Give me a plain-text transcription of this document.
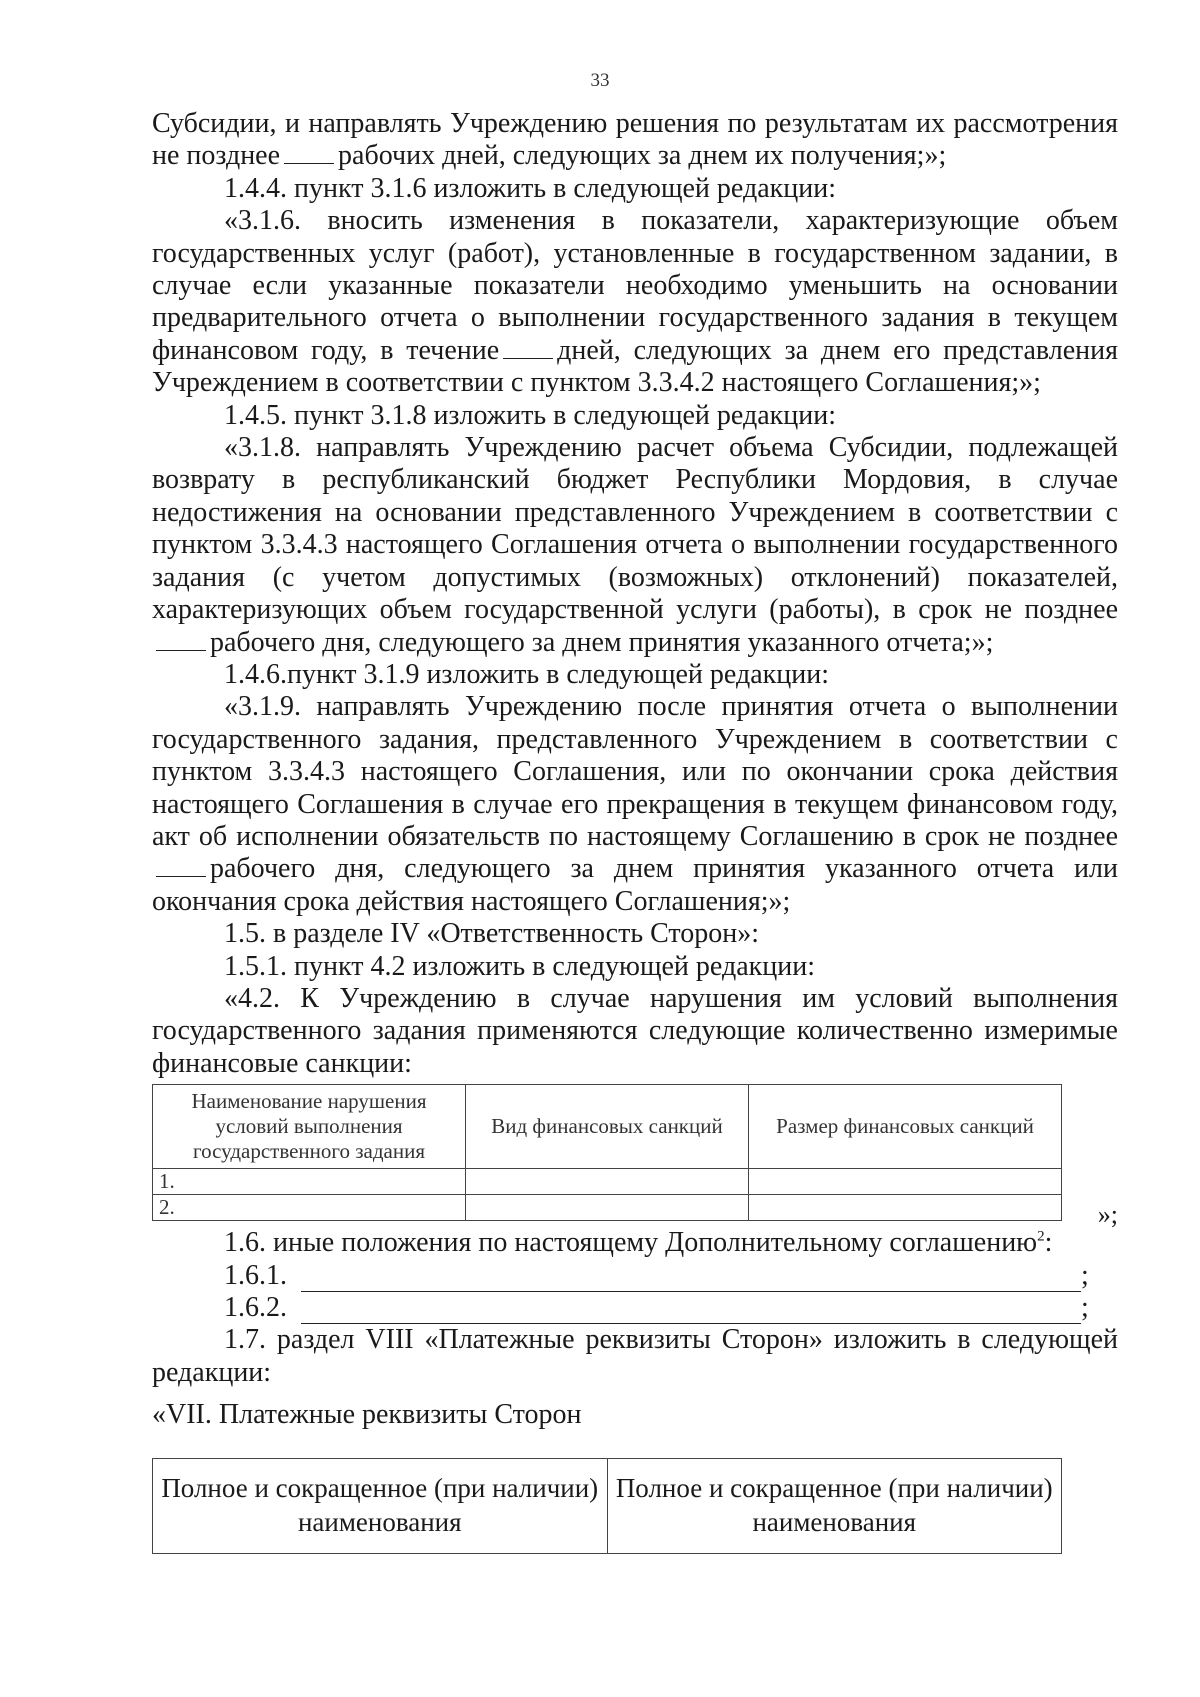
33

Субсидии, и направлять Учреждению решения по результатам их рассмотрения не позднее рабочих дней, следующих за днем их получения;»;

1.4.4. пункт 3.1.6 изложить в следующей редакции:

«3.1.6. вносить изменения в показатели, характеризующие объем государственных услуг (работ), установленные в государственном задании, в случае если указанные показатели необходимо уменьшить на основании предварительного отчета о выполнении государственного задания в текущем финансовом году, в течение дней, следующих за днем его представления Учреждением в соответствии с пунктом 3.3.4.2 настоящего Соглашения;»;

1.4.5. пункт 3.1.8 изложить в следующей редакции:

«3.1.8. направлять Учреждению расчет объема Субсидии, подлежащей возврату в республиканский бюджет Республики Мордовия, в случае недостижения на основании представленного Учреждением в соответствии с пунктом 3.3.4.3 настоящего Соглашения отчета о выполнении государственного задания (с учетом допустимых (возможных) отклонений) показателей, характеризующих объем государственной услуги (работы), в срок не позднеерабочего дня, следующего за днем принятия указанного отчета;»;

1.4.6.пункт 3.1.9 изложить в следующей редакции:

«3.1.9. направлять Учреждению после принятия отчета о выполнении государственного задания, представленного Учреждением в соответствии с пунктом 3.3.4.3 настоящего Соглашения, или по окончании срока действия настоящего Соглашения в случае его прекращения в текущем финансовом году, акт об исполнении обязательств по настоящему Соглашению в срок не позднее рабочего дня, следующего за днем принятия указанного отчета или окончания срока действия настоящего Соглашения;»;

1.5. в разделе IV «Ответственность Сторон»:

1.5.1. пункт 4.2 изложить в следующей редакции:

«4.2. К Учреждению в случае нарушения им условий выполнения государственного задания применяются следующие количественно измеримые финансовые санкции:

Наименование нарушения условий выполнения государственного задания	Вид финансовых санкций	Размер финансовых санкций
1.		
2.			»;

1.6. иные положения по настоящему Дополнительному соглашению$^2$:

1.6.1.	;
1.6.2.	;

1.7. раздел VIII «Платежные реквизиты Сторон» изложить в следующей редакции:

«VII. Платежные реквизиты Сторон

Полное и сокращенное (при наличии) наименования	Полное и сокращенное (при наличии) наименования
